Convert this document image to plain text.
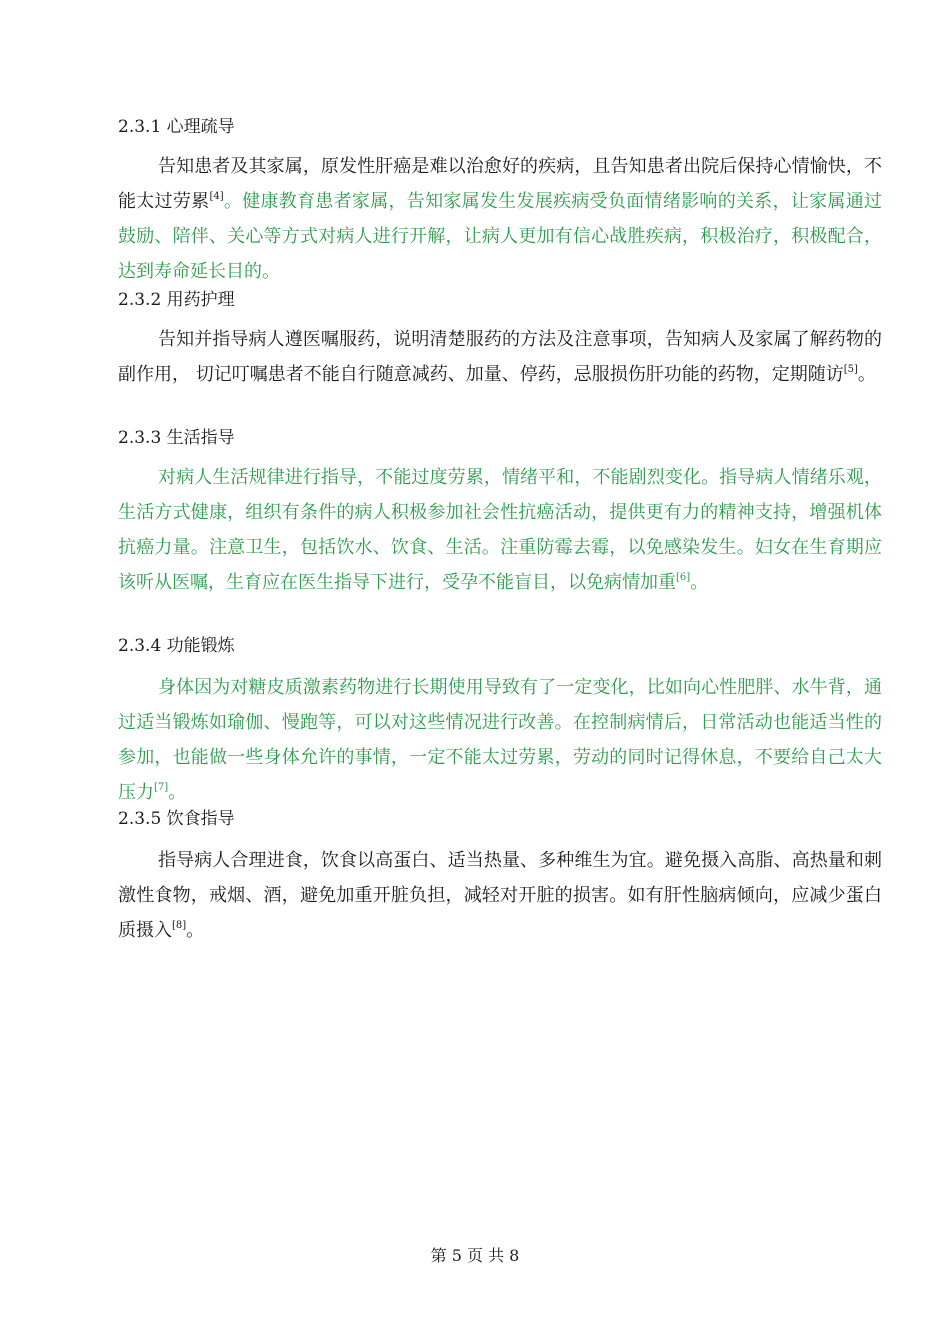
2.3.1 心理疏导
告知患者及其家属，原发性肝癌是难以治愈好的疾病，且告知患者出院后保持心情愉快，不能太过劳累[4]。健康教育患者家属，告知家属发生发展疾病受负面情绪影响的关系，让家属通过鼓励、陪伴、关心等方式对病人进行开解，让病人更加有信心战胜疾病，积极治疗，积极配合，达到寿命延长目的。
2.3.2 用药护理
告知并指导病人遵医嘱服药，说明清楚服药的方法及注意事项，告知病人及家属了解药物的副作用， 切记叮嘱患者不能自行随意减药、加量、停药，忌服损伤肝功能的药物，定期随访[5]。
2.3.3 生活指导
对病人生活规律进行指导，不能过度劳累，情绪平和，不能剧烈变化。指导病人情绪乐观，生活方式健康，组织有条件的病人积极参加社会性抗癌活动，提供更有力的精神支持，增强机体抗癌力量。注意卫生，包括饮水、饮食、生活。注重防霉去霉，以免感染发生。妇女在生育期应该听从医嘱，生育应在医生指导下进行，受孕不能盲目，以免病情加重[6]。
2.3.4 功能锻炼
身体因为对糖皮质激素药物进行长期使用导致有了一定变化，比如向心性肥胖、水牛背，通过适当锻炼如瑜伽、慢跑等，可以对这些情况进行改善。在控制病情后，日常活动也能适当性的参加，也能做一些身体允许的事情，一定不能太过劳累，劳动的同时记得休息，不要给自己太大压力[7]。
2.3.5 饮食指导
指导病人合理进食，饮食以高蛋白、适当热量、多种维生为宜。避免摄入高脂、高热量和刺激性食物，戒烟、酒，避免加重开脏负担，减轻对开脏的损害。如有肝性脑病倾向，应减少蛋白质摄入[8]。
第 5 页 共 8
